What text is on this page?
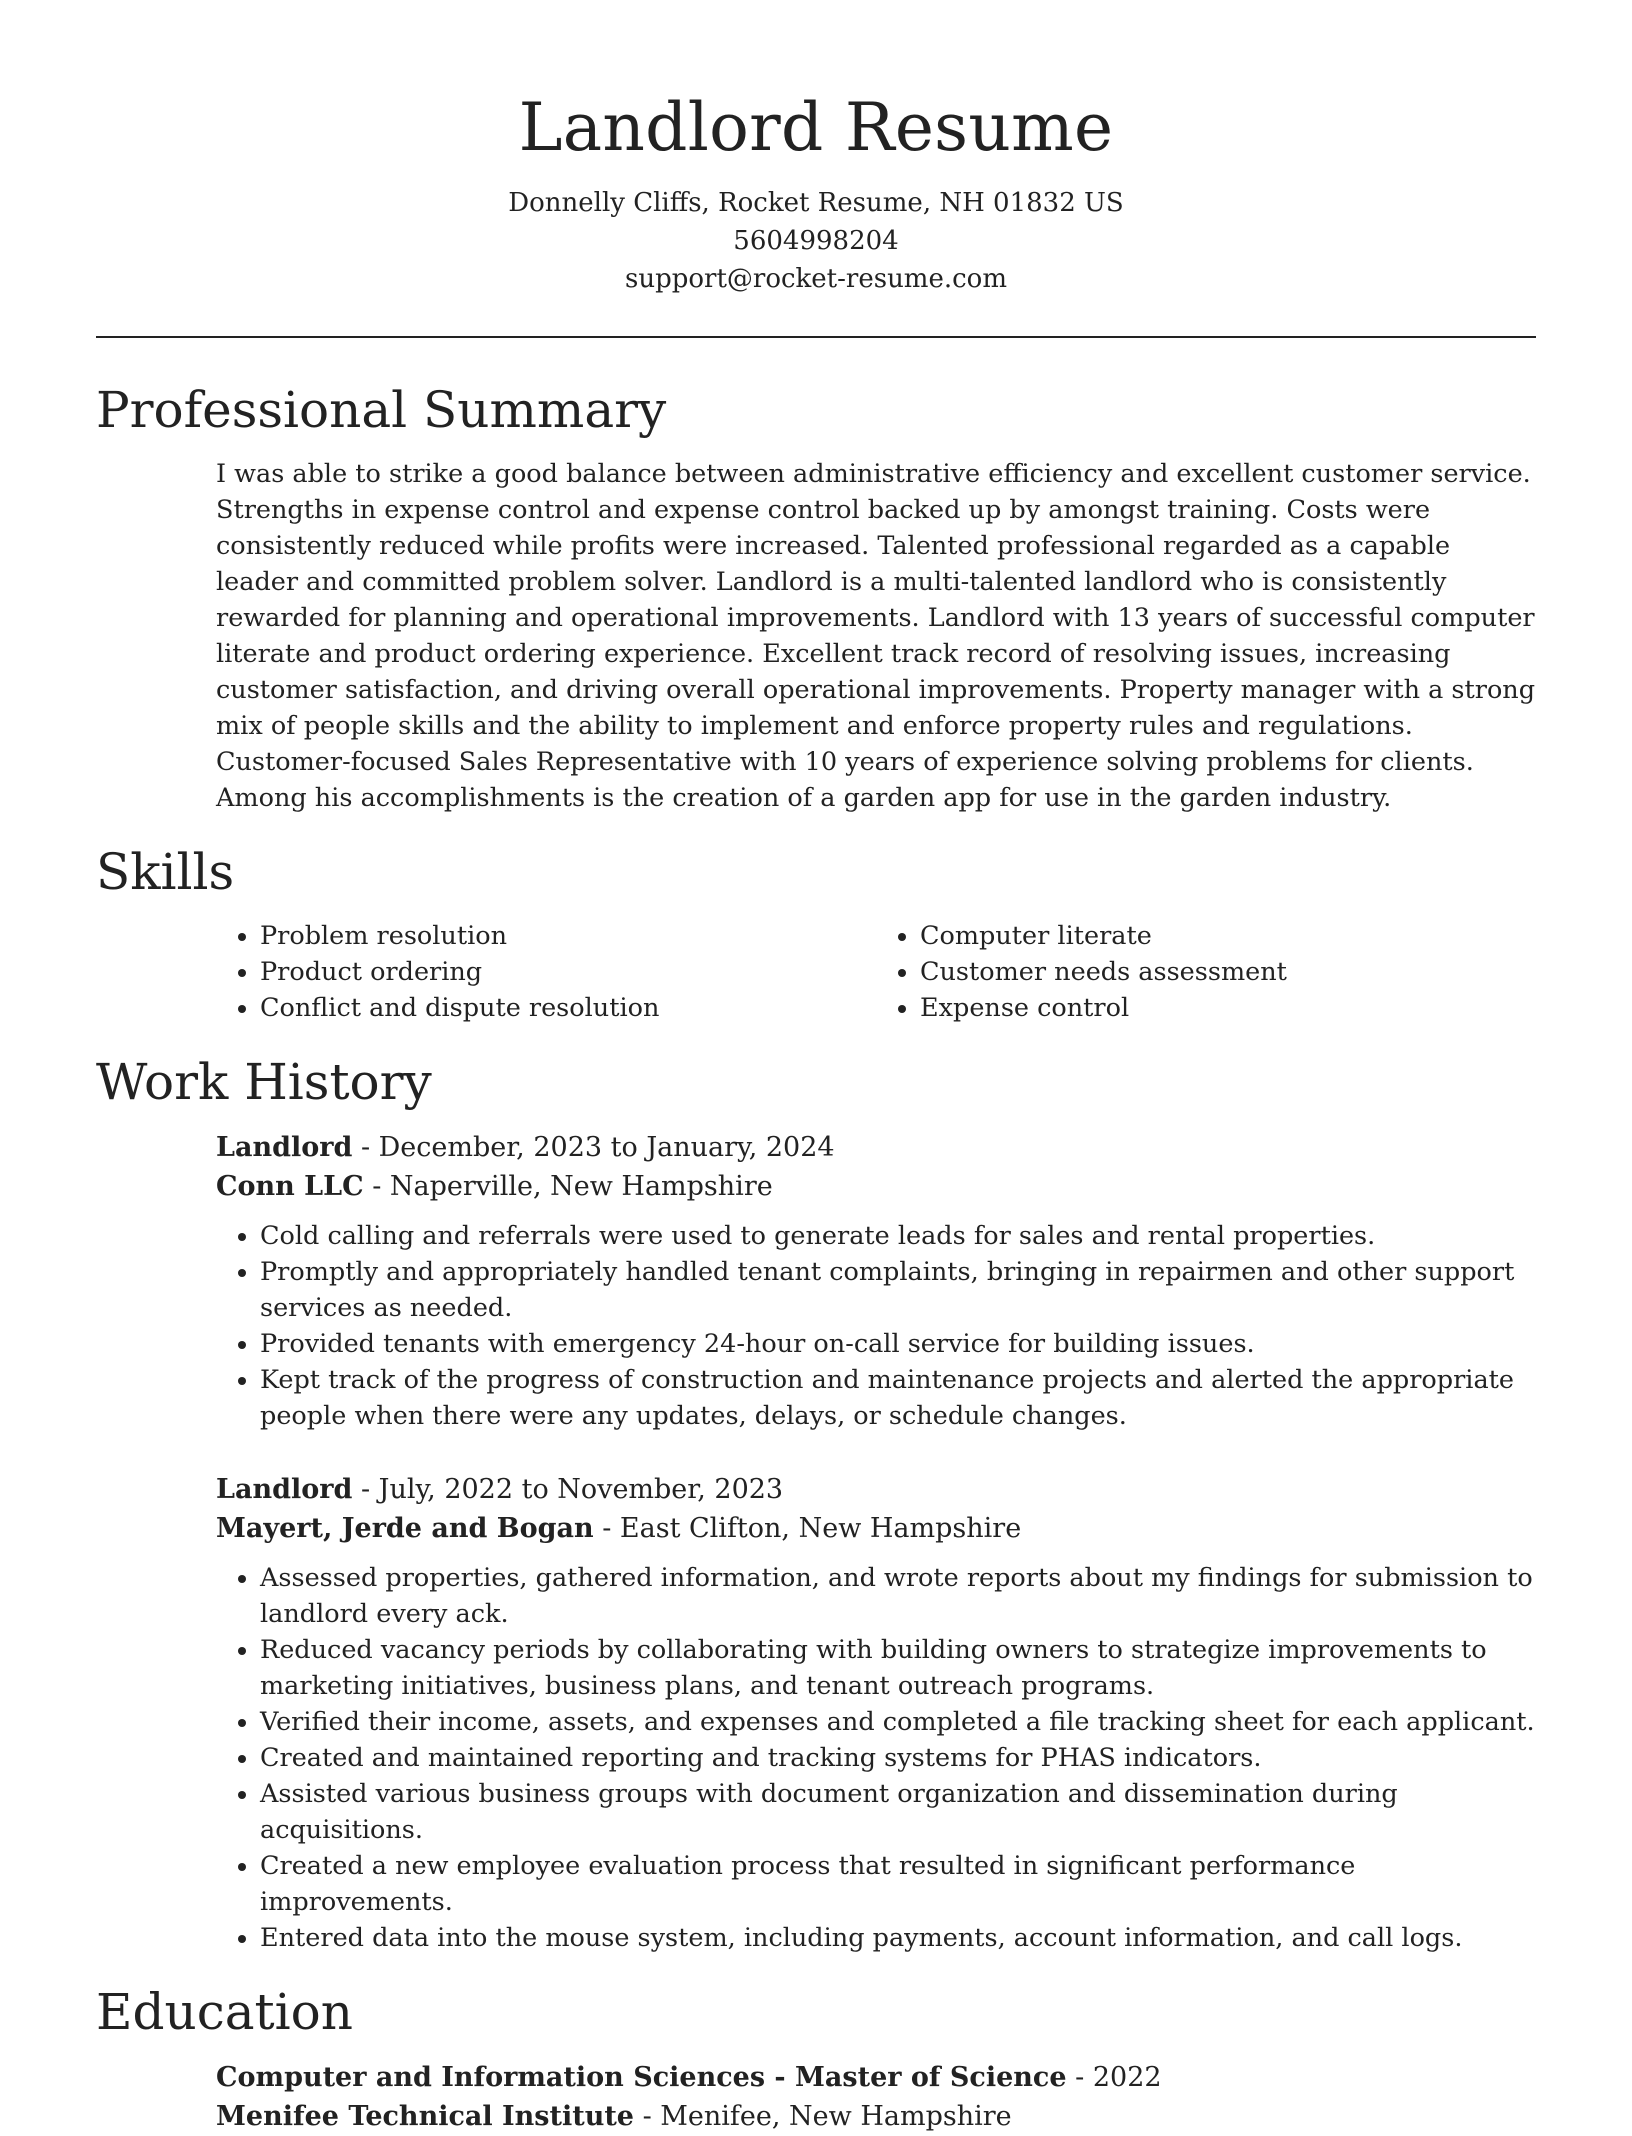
Landlord Resume
Donnelly Cliffs, Rocket Resume, NH 01832 US
5604998204
support@rocket-resume.com
Professional Summary
I was able to strike a good balance between administrative efficiency and excellent customer service. Strengths in expense control and expense control backed up by amongst training. Costs were consistently reduced while profits were increased. Talented professional regarded as a capable leader and committed problem solver. Landlord is a multi-talented landlord who is consistently rewarded for planning and operational improvements. Landlord with 13 years of successful computer literate and product ordering experience. Excellent track record of resolving issues, increasing customer satisfaction, and driving overall operational improvements. Property manager with a strong mix of people skills and the ability to implement and enforce property rules and regulations. Customer-focused Sales Representative with 10 years of experience solving problems for clients. Among his accomplishments is the creation of a garden app for use in the garden industry.
Skills
• Problem resolution
• Product ordering
• Conflict and dispute resolution
• Computer literate
• Customer needs assessment
• Expense control
Work History
Landlord - December, 2023 to January, 2024
Conn LLC - Naperville, New Hampshire
• Cold calling and referrals were used to generate leads for sales and rental properties.
• Promptly and appropriately handled tenant complaints, bringing in repairmen and other support services as needed.
• Provided tenants with emergency 24-hour on-call service for building issues.
• Kept track of the progress of construction and maintenance projects and alerted the appropriate people when there were any updates, delays, or schedule changes.
Landlord - July, 2022 to November, 2023
Mayert, Jerde and Bogan - East Clifton, New Hampshire
• Assessed properties, gathered information, and wrote reports about my findings for submission to landlord every ack.
• Reduced vacancy periods by collaborating with building owners to strategize improvements to marketing initiatives, business plans, and tenant outreach programs.
• Verified their income, assets, and expenses and completed a file tracking sheet for each applicant.
• Created and maintained reporting and tracking systems for PHAS indicators.
• Assisted various business groups with document organization and dissemination during acquisitions.
• Created a new employee evaluation process that resulted in significant performance improvements.
• Entered data into the mouse system, including payments, account information, and call logs.
Education
Computer and Information Sciences - Master of Science - 2022
Menifee Technical Institute - Menifee, New Hampshire
